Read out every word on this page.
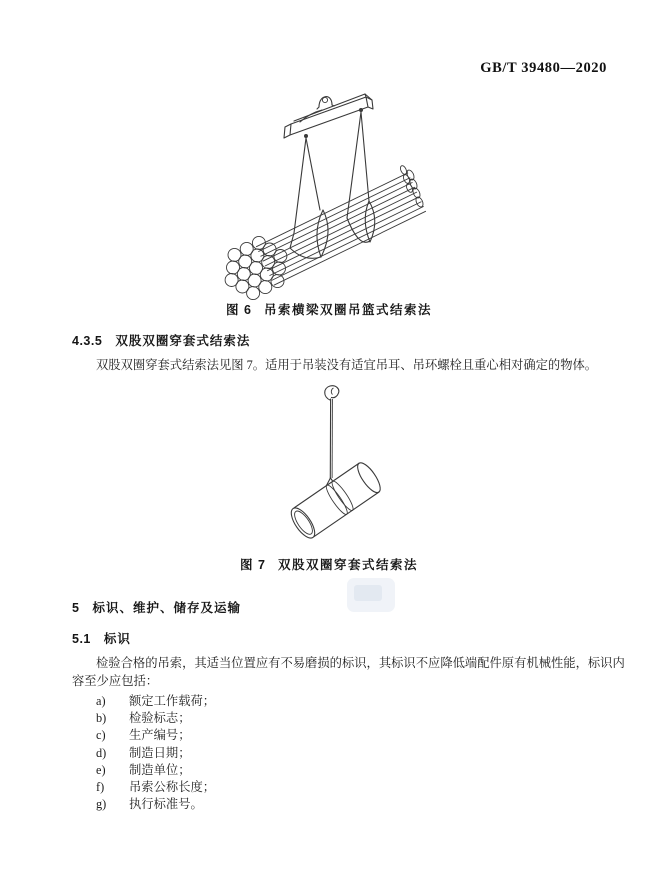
GB/T 39480—2020
图 6 吊索横梁双圈吊篮式结索法
4.3.5 双股双圈穿套式结索法
双股双圈穿套式结索法见图 7。适用于吊装没有适宜吊耳、吊环螺栓且重心相对确定的物体。
图 7 双股双圈穿套式结索法
5 标识、维护、储存及运输
5.1 标识
检验合格的吊索，其适当位置应有不易磨损的标识，其标识不应降低端配件原有机械性能，标识内
容至少应包括：
a) 额定工作载荷；
b) 检验标志；
c) 生产编号；
d) 制造日期；
e) 制造单位；
f) 吊索公称长度；
g) 执行标准号。
